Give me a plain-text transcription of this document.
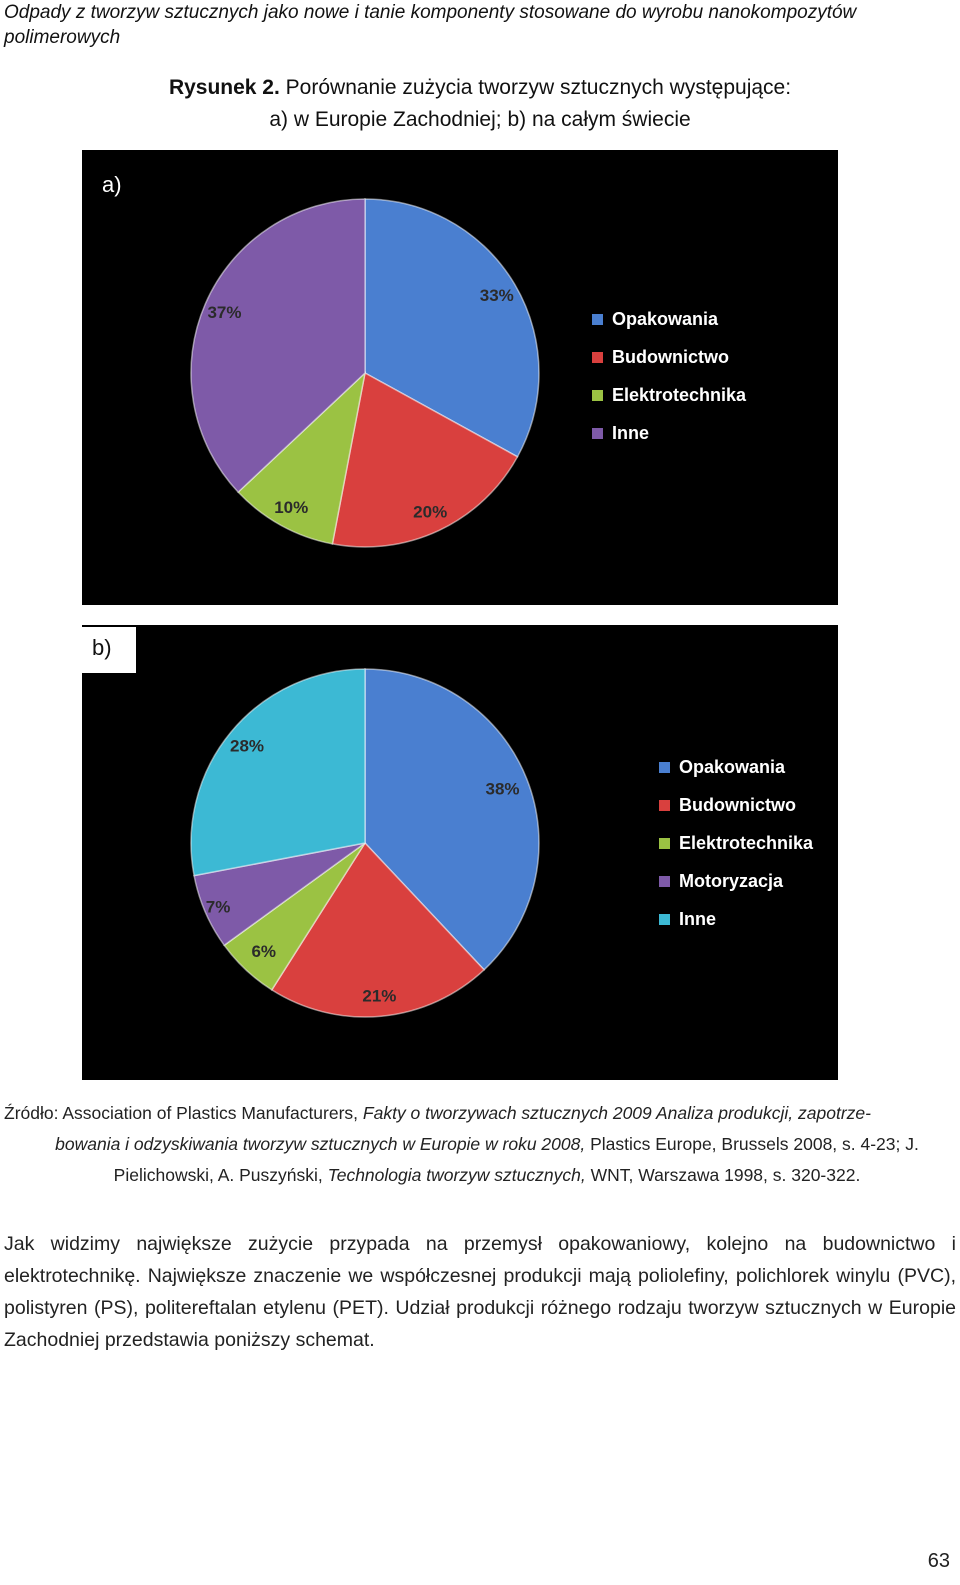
Odpady z tworzyw sztucznych jako nowe i tanie komponenty stosowane do wyrobu nanokompozytów polimerowych
Rysunek 2. Porównanie zużycia tworzyw sztucznych występujące:
a) w Europie Zachodniej; b) na całym świecie
a)
33%
20%
10%
37%	Opakowania
Budownictwo
Elektrotechnika
Inne
38%
21%
6%
7%
28%
Opakowania
Budownictwo
Elektrotechnika
Motoryzacja
Inne
b)
Źródło: Association of Plastics Manufacturers, Fakty o tworzywach sztucznych 2009 Analiza produkcji, zapotrze-
bowania i odzyskiwania tworzyw sztucznych w Europie w roku 2008, Plastics Europe, Brussels 2008, s. 4-23; J.
Pielichowski, A. Puszyński, Technologia tworzyw sztucznych, WNT, Warszawa 1998, s. 320-322.
Jak widzimy największe zużycie przypada na przemysł opakowaniowy, kolejno na budownictwo i elektrotechnikę. Największe znaczenie we współczesnej produkcji mają poliolefiny, polichlorek winylu (PVC), polistyren (PS), politereftalan etylenu (PET). Udział produkcji różnego rodzaju tworzyw sztucznych w Europie Zachodniej przedstawia poniższy schemat.
63
